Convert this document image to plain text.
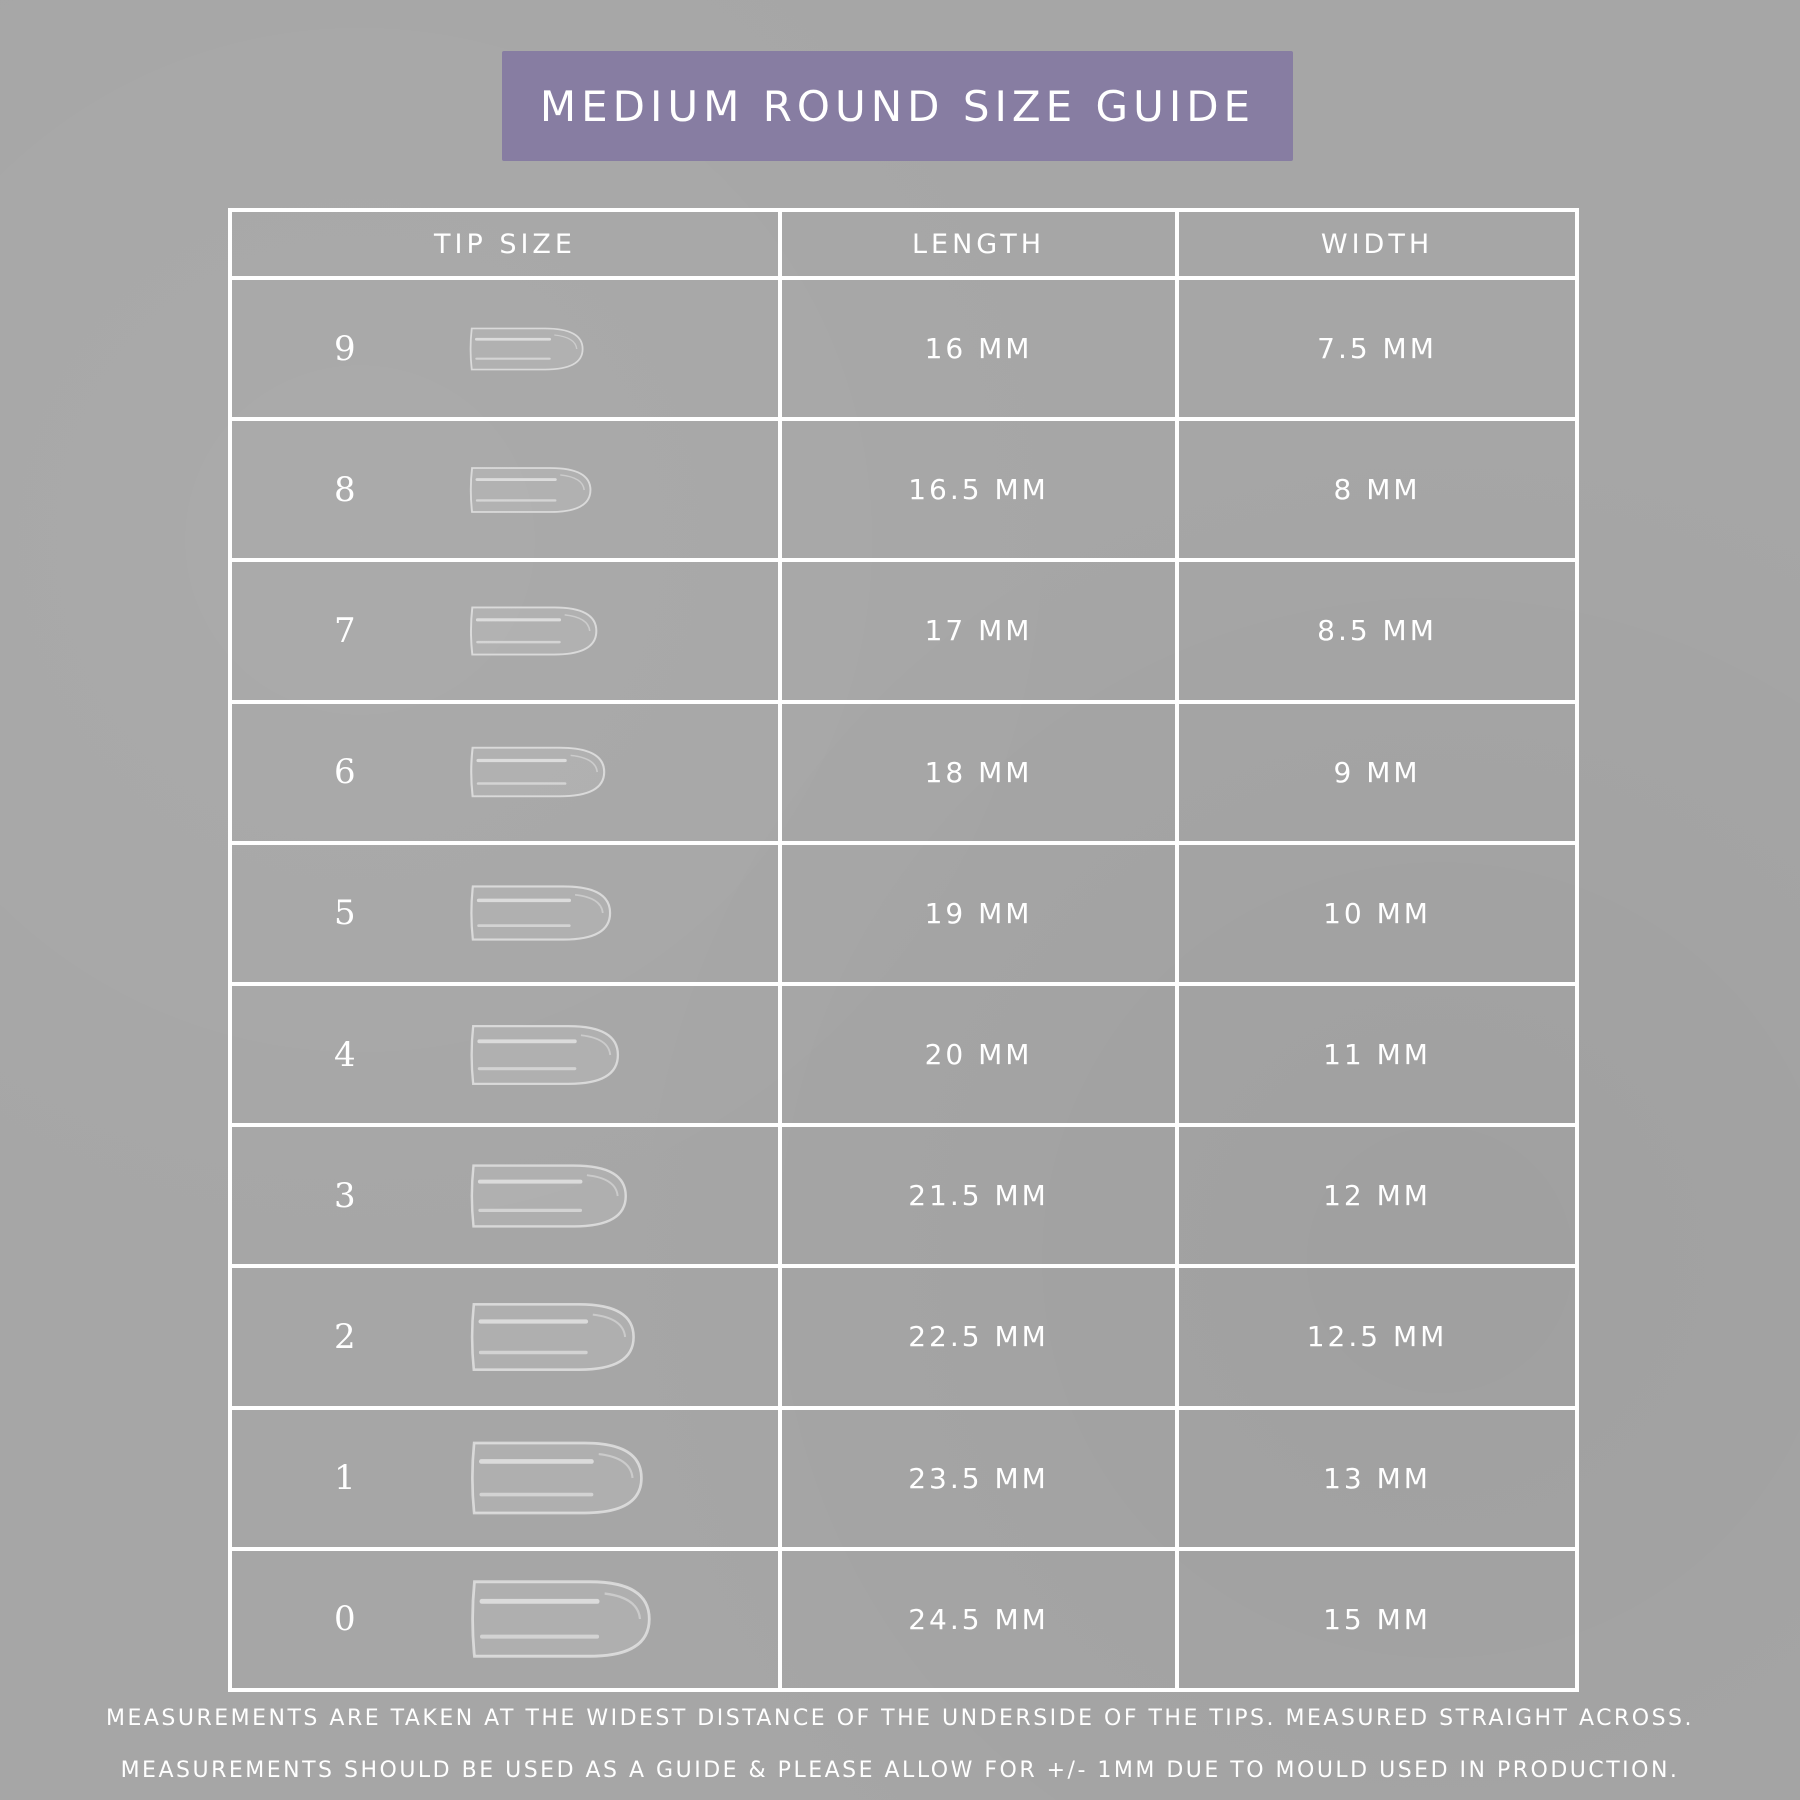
MEDIUM ROUND SIZE GUIDE
TIP SIZE	LENGTH	WIDTH

9	16 MM	7.5 MM

8	16.5 MM	8 MM

7	17 MM	8.5 MM

6	18 MM	9 MM

5	19 MM	10 MM

4	20 MM	11 MM

3	21.5 MM	12 MM

2	22.5 MM	12.5 MM

1	23.5 MM	13 MM

0	24.5 MM	15 MM
MEASUREMENTS ARE TAKEN AT THE WIDEST DISTANCE OF THE UNDERSIDE OF THE TIPS. MEASURED STRAIGHT ACROSS.
MEASUREMENTS SHOULD BE USED AS A GUIDE & PLEASE ALLOW FOR +/- 1MM DUE TO MOULD USED IN PRODUCTION.
